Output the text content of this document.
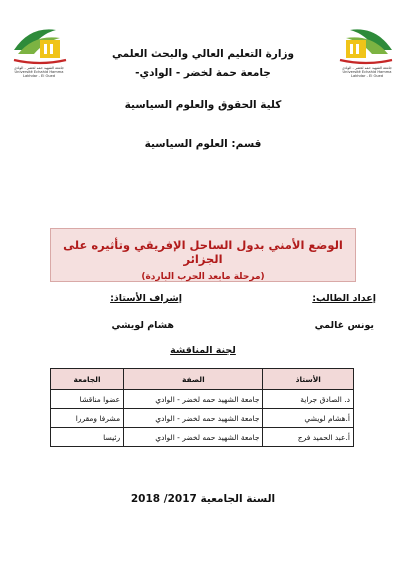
جامعة الشهيد حمه لخضر - الوادي
Université Echahid Hamma Lakhdar - El Oued
جامعة الشهيد حمه لخضر - الوادي
Université Echahid Hamma Lakhdar - El Oued
وزارة التعليم العالي والبحث العلمي
جامعة حمة لخضر - الوادي-
كلية الحقوق والعلوم السياسية
قسم: العلوم السياسية
الوضع الأمني بدول الساحل الإفريقي وتأثيره على الجزائر
(مرحلة مابعد الحرب الباردة)
إعداد الطالب:
يونس غالمي
إشراف الأستاذ:
هشام لويشي
لجنة المناقشة
الأستاذ	الصفة	الجامعة
د. الصادق جراية	جامعة الشهيد حمه لخضر - الوادي	عضوا مناقشا
أ.هشام لويشي	جامعة الشهيد حمه لخضر - الوادي	مشرفا ومقررا
أ.عبد الحميد فرج	جامعة الشهيد حمه لخضر - الوادي	رئيسا
السنة الجامعية 2017/ 2018
